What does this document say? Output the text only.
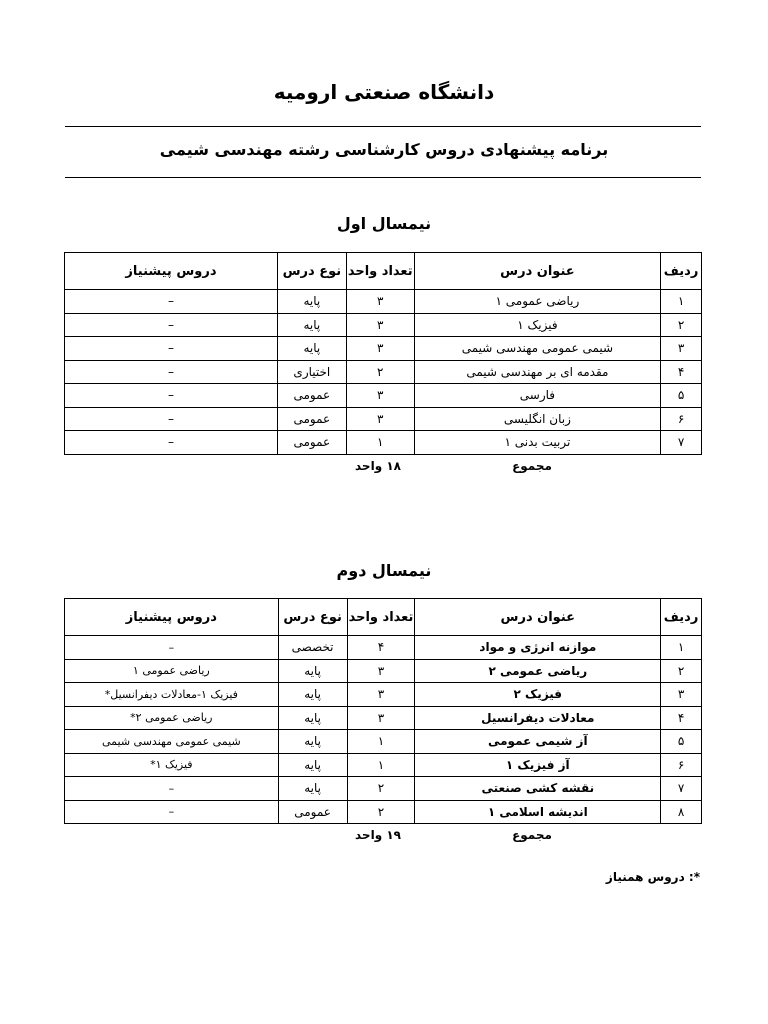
دانشگاه صنعتی ارومیه
برنامه پیشنهادی دروس کارشناسی رشته مهندسی شیمی
نیمسال اول
ردیف	عنوان درس	تعداد واحد	نوع درس	دروس پیشنیاز
۱	ریاضی عمومی ۱	۳	پایه	–
۲	فیزیک ۱	۳	پایه	–
۳	شیمی عمومی مهندسی شیمی	۳	پایه	–
۴	مقدمه ای بر مهندسی شیمی	۲	اختیاری	–
۵	فارسی	۳	عمومی	–
۶	زبان انگلیسی	۳	عمومی	–
۷	تربیت بدنی ۱	۱	عمومی	–
مجموع
۱۸ واحد
نیمسال دوم
ردیف	عنوان درس	تعداد واحد	نوع درس	دروس پیشنیاز
۱	موازنه انرژی و مواد	۴	تخصصی	–
۲	ریاضی عمومی ۲	۳	پایه	ریاضی عمومی ۱
۳	فیزیک ۲	۳	پایه	فیزیک ۱-معادلات دیفرانسیل*
۴	معادلات دیفرانسیل	۳	پایه	ریاضی عمومی ۲*
۵	آز شیمی عمومی	۱	پایه	شیمی عمومی مهندسی شیمی
۶	آز فیزیک ۱	۱	پایه	فیزیک ۱*
۷	نقشه کشی صنعتی	۲	پایه	–
۸	اندیشه اسلامی ۱	۲	عمومی	–
مجموع
۱۹ واحد
*: دروس همنیاز
